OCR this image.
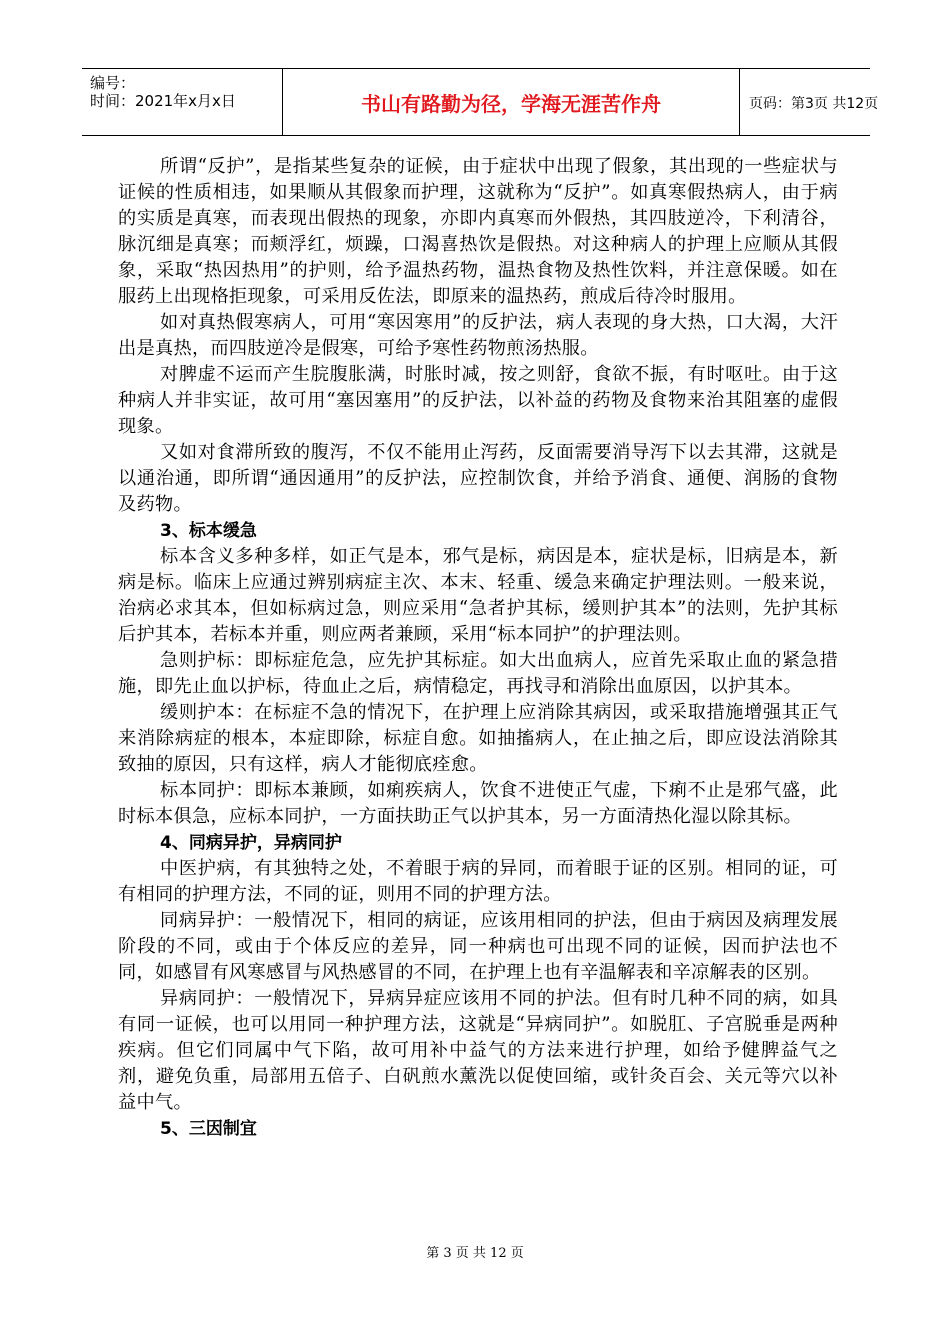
编号：
时间：2021年x月x日	书山有路勤为径，学海无涯苦作舟	页码：第3页 共12页

所谓“反护”，是指某些复杂的证候，由于症状中出现了假象，其出现的一些症状与证候的性质相违，如果顺从其假象而护理，这就称为“反护”。如真寒假热病人，由于病的实质是真寒，而表现出假热的现象，亦即内真寒而外假热，其四肢逆冷，下利清谷，脉沉细是真寒；而颊浮红，烦躁，口渴喜热饮是假热。对这种病人的护理上应顺从其假象，采取“热因热用”的护则，给予温热药物，温热食物及热性饮料，并注意保暖。如在服药上出现格拒现象，可采用反佐法，即原来的温热药，煎成后待冷时服用。

如对真热假寒病人，可用“寒因寒用”的反护法，病人表现的身大热，口大渴，大汗出是真热，而四肢逆冷是假寒，可给予寒性药物煎汤热服。

对脾虚不运而产生脘腹胀满，时胀时减，按之则舒，食欲不振，有时呕吐。由于这种病人并非实证，故可用“塞因塞用”的反护法，以补益的药物及食物来治其阻塞的虚假现象。

又如对食滞所致的腹泻，不仅不能用止泻药，反面需要消导泻下以去其滞，这就是以通治通，即所谓“通因通用”的反护法，应控制饮食，并给予消食、通便、润肠的食物及药物。

3、标本缓急

标本含义多种多样，如正气是本，邪气是标，病因是本，症状是标，旧病是本，新病是标。临床上应通过辨别病症主次、本末、轻重、缓急来确定护理法则。一般来说，治病必求其本，但如标病过急，则应采用“急者护其标，缓则护其本”的法则，先护其标后护其本，若标本并重，则应两者兼顾，采用“标本同护”的护理法则。

急则护标：即标症危急，应先护其标症。如大出血病人，应首先采取止血的紧急措施，即先止血以护标，待血止之后，病情稳定，再找寻和消除出血原因，以护其本。

缓则护本：在标症不急的情况下，在护理上应消除其病因，或采取措施增强其正气来消除病症的根本，本症即除，标症自愈。如抽搐病人，在止抽之后，即应设法消除其致抽的原因，只有这样，病人才能彻底痊愈。

标本同护：即标本兼顾，如痢疾病人，饮食不进使正气虚，下痢不止是邪气盛，此时标本俱急，应标本同护，一方面扶助正气以护其本，另一方面清热化湿以除其标。

4、同病异护，异病同护

中医护病，有其独特之处，不着眼于病的异同，而着眼于证的区别。相同的证，可有相同的护理方法，不同的证，则用不同的护理方法。

同病异护：一般情况下，相同的病证，应该用相同的护法，但由于病因及病理发展阶段的不同，或由于个体反应的差异，同一种病也可出现不同的证候，因而护法也不同，如感冒有风寒感冒与风热感冒的不同，在护理上也有辛温解表和辛凉解表的区别。

异病同护：一般情况下，异病异症应该用不同的护法。但有时几种不同的病，如具有同一证候，也可以用同一种护理方法，这就是“异病同护”。如脱肛、子宫脱垂是两种疾病。但它们同属中气下陷，故可用补中益气的方法来进行护理，如给予健脾益气之剂，避免负重，局部用五倍子、白矾煎水薰洗以促使回缩，或针灸百会、关元等穴以补益中气。

5、三因制宜

第 3 页 共 12 页
